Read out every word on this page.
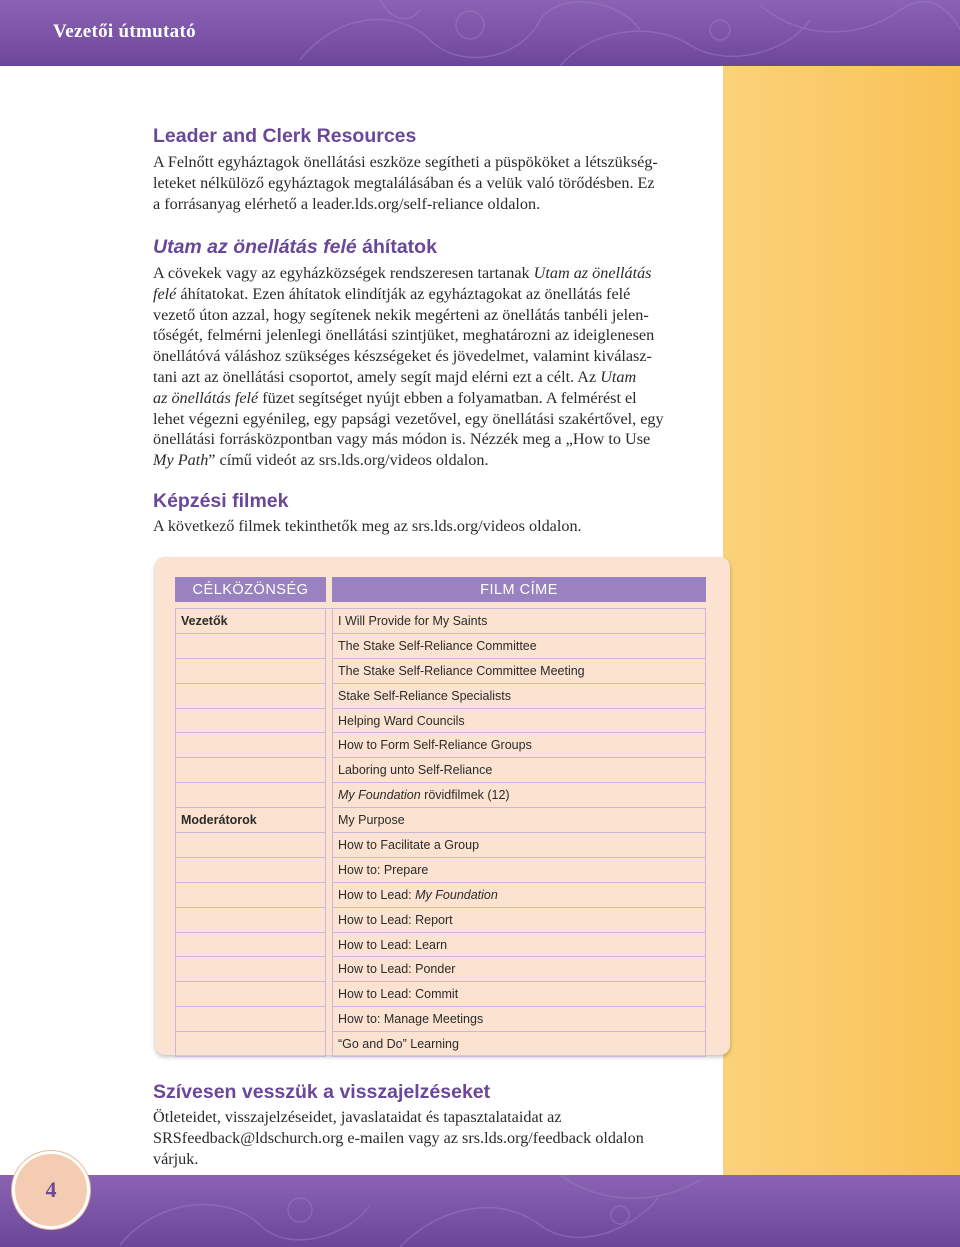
Vezetői útmutató
Leader and Clerk Resources

A Felnőtt egyháztagok önellátási eszköze segítheti a püspököket a létszükség-
leteket nélkülöző egyháztagok megtalálásában és a velük való törődésben. Ez
a forrásanyag elérhető a leader.lds.org/self-reliance oldalon.

Utam az önellátás felé áhítatok

A cövekek vagy az egyházközségek rendszeresen tartanak Utam az önellátás
felé áhítatokat. Ezen áhítatok elindítják az egyháztagokat az önellátás felé
vezető úton azzal, hogy segítenek nekik megérteni az önellátás tanbéli jelen-
tőségét, felmérni jelenlegi önellátási szintjüket, meghatározni az ideiglenesen
önellátóvá váláshoz szükséges készségeket és jövedelmet, valamint kiválasz-
tani azt az önellátási csoportot, amely segít majd elérni ezt a célt. Az Utam
az önellátás felé füzet segítséget nyújt ebben a folyamatban. A felmérést el
lehet végezni egyénileg, egy papsági vezetővel, egy önellátási szakértővel, egy
önellátási forrásközpontban vagy más módon is. Nézzék meg a „How to Use
My Path” című videót az srs.lds.org/videos oldalon.

Képzési filmek

A következő filmek tekinthetők meg az srs.lds.org/videos oldalon.

CÉLKÖZÖNSÉG		FILM CÍME

Vezetők		I Will Provide for My Saints
		The Stake Self-Reliance Committee
		The Stake Self-Reliance Committee Meeting
		Stake Self-Reliance Specialists
		Helping Ward Councils
		How to Form Self-Reliance Groups
		Laboring unto Self-Reliance
		My Foundation rövidfilmek (12)
Moderátorok		My Purpose
		How to Facilitate a Group
		How to: Prepare
		How to Lead: My Foundation
		How to Lead: Report
		How to Lead: Learn
		How to Lead: Ponder
		How to Lead: Commit
		How to: Manage Meetings
		“Go and Do” Learning
Szívesen vesszük a visszajelzéseket

Ötleteidet, visszajelzéseidet, javaslataidat és tapasztalataidat az
SRSfeedback@ldschurch.org e-mailen vagy az srs.lds.org/feedback oldalon
várjuk.

4
